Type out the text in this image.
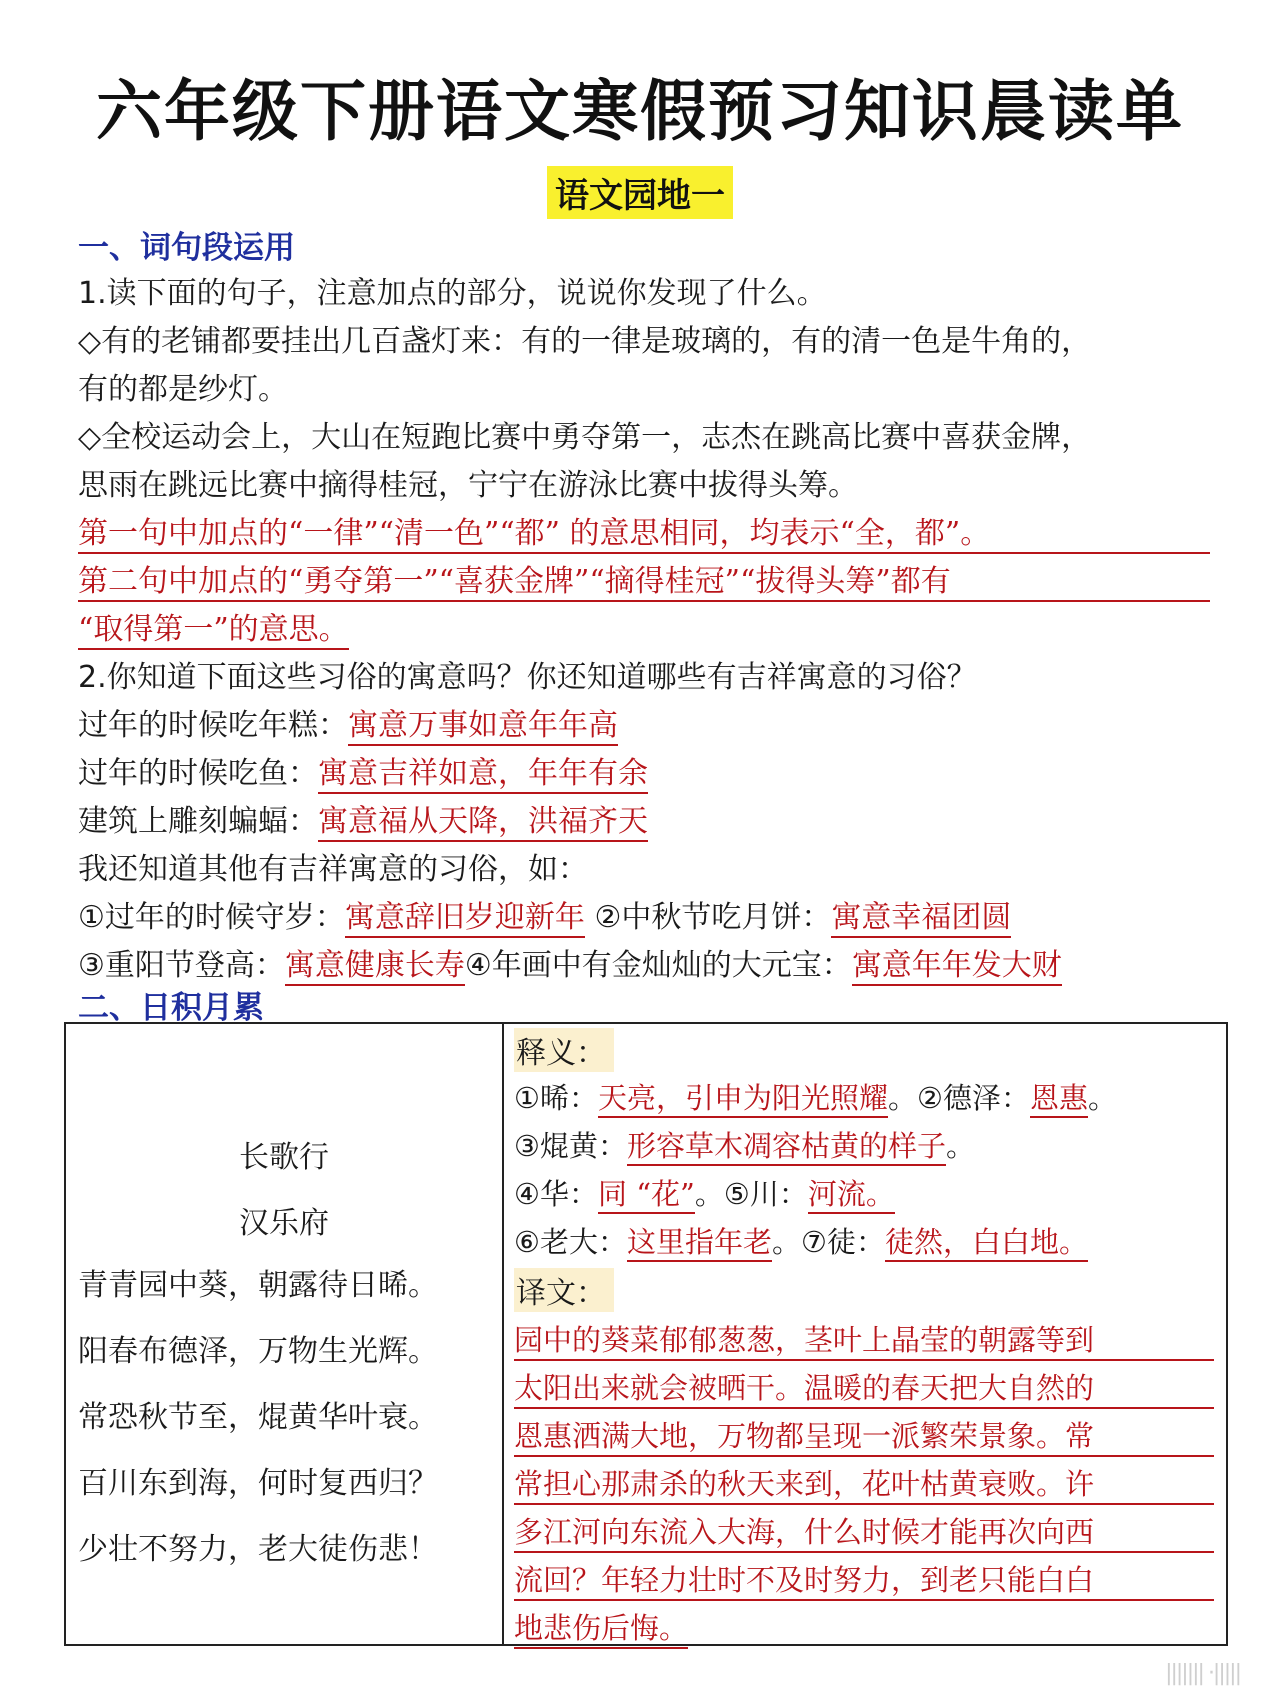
六年级下册语文寒假预习知识晨读单
语文园地一
一、词句段运用
1.读下面的句子，注意加点的部分，说说你发现了什么。
◇有的老铺都要挂出几百盏灯来：有的一律是玻璃的，有的清一色是牛角的，
有的都是纱灯。
◇全校运动会上，大山在短跑比赛中勇夺第一，志杰在跳高比赛中喜获金牌，
思雨在跳远比赛中摘得桂冠，宁宁在游泳比赛中拔得头筹。
第一句中加点的“一律”“清一色”“都” 的意思相同，均表示“全，都”。
第二句中加点的“勇夺第一”“喜获金牌”“摘得桂冠”“拔得头筹”都有
“取得第一”的意思。
2.你知道下面这些习俗的寓意吗？你还知道哪些有吉祥寓意的习俗？
过年的时候吃年糕：寓意万事如意年年高
过年的时候吃鱼：寓意吉祥如意，年年有余
建筑上雕刻蝙蝠：寓意福从天降，洪福齐天
我还知道其他有吉祥寓意的习俗，如：
①过年的时候守岁：寓意辞旧岁迎新年 ②中秋节吃月饼：寓意幸福团圆
③重阳节登高：寓意健康长寿④年画中有金灿灿的大元宝：寓意年年发大财
二、日积月累
长歌行
汉乐府
青青园中葵，朝露待日晞。
阳春布德泽，万物生光辉。
常恐秋节至，焜黄华叶衰。
百川东到海，何时复西归？
少壮不努力，老大徒伤悲！
释义：
①晞：天亮，引申为阳光照耀。②德泽：恩惠。
③焜黄：形容草木凋容枯黄的样子。
④华：同 “花”。⑤川：河流。
⑥老大：这里指年老。⑦徒：徒然，白白地。
译文：
园中的葵菜郁郁葱葱，茎叶上晶莹的朝露等到
太阳出来就会被晒干。温暖的春天把大自然的
恩惠洒满大地，万物都呈现一派繁荣景象。常
常担心那肃杀的秋天来到，花叶枯黄衰败。许
多江河向东流入大海，什么时候才能再次向西
流回？年轻力壮时不及时努力，到老只能白白
地悲伤后悔。
||||||| ·|||||
